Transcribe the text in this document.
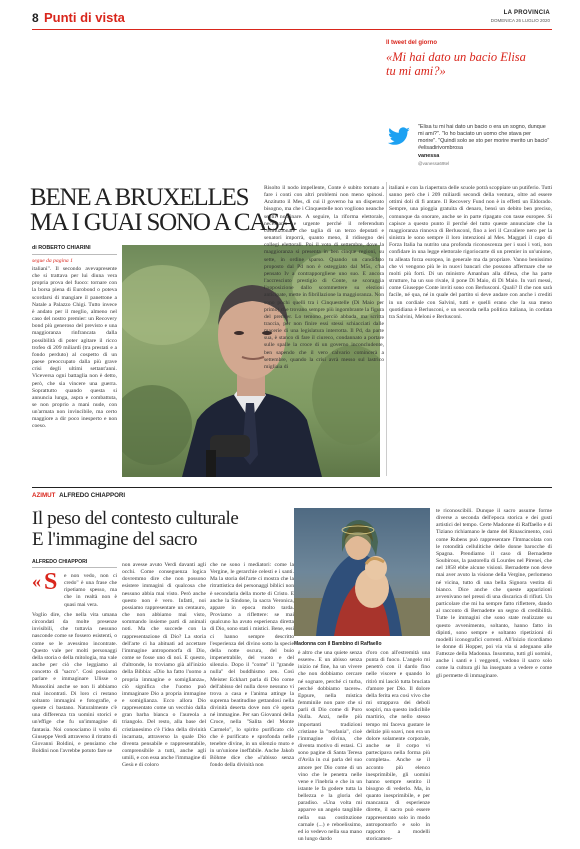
8 Punti di vista	LA PROVINCIA
DOMENICA 26 LUGLIO 2020
Il tweet del giorno
«Mi hai dato un bacio Elisa tu mi ami?»
"Elisa tu mi hai dato un bacio o era un sogno, dunque mi ami?". "Io ho baciato un uomo che stava per morire". "Quindi solo se sto per morire merito un bacio" #elisadirivombrosa
vanessa
@vanessa69tel
BENE A BRUXELLES
MA I GUAI SONO A CASA
di ROBERTO CHIARINI
segue da pagina 1

italiani". Il secondo avevapresente che si trattava per lui diuna vera propria prova del fuoco: tornare con la borsa piena di Eurobond o poteva scordarsi di mangiare il panettone a Natale a Palazzo Chigi. Tutto invece è andato per il meglio, almeno nel caso del nostro premier: un Recovery bond più generoso del previsto e una maggioranza rinfrancata dalla possibilità di poter agitare il ricco trofeo di 209 miliardi (tra prestati e a fondo perduto) al cospetto di un paese preoccupato dalla più grave crisi degli ultimi settant'anni. Viceversa ogni battaglia non è detto, però, che sia vincere una guerra. Soprattutto quando questa si annuncia lunga, aspra e combattuta, se non proprio a mani nude, con un'armata non invincibile, ma certo maggiore a dir poco inesperto e non coeso.

Risolto il nodo impellente, Conte è subito tornato a fare i conti con altri problemi non meno spinosi. Anzitutto il Mes, di cui il governo ha un disperato bisogno, ma che i Cinquestelle non vogliono neanche sentir nominare. A seguire, la riforma elettorale, necessaria e urgente perché il referendum costituzionale che taglia di un terzo deputati e senatori imporrà, quanto meno, il ridisegno dei collegi elettorali. Poi il voto di settembre, dove la maggioranza si presenta in ben cinque regioni, su sette, in ordine sparso. Quando un candidato proposto dal Pd non è osteggiato dal M5s, c'ha pensato Iv a contrapporgliene uno suo. E ancora l'accresciuto prestigio di Conte, se scoraggia l'opposizione dallo scommettere su elezioni anticipate, mette in fibrillazione la maggioranza. Non sono pochi quelli tra i Cinquestelle (Di Maio per primo) che trovano sempre più ingombrante la figura del premier. Lo temono perciò abbada, ma scritta traccia, per non finire essi stessi schiacciati dalle macerie di una legislatura interrotta. Il Pd, da parte sua, è stanco di fare il ciureco, condannato a portare sulle spalle la croce di un governo inconcludente, ben sapendo che il vero calvario comincerà a settembre, quando la crisi avrà messo sul lastrico migliaia di

italiani e con la riapertura delle scuole potrà scoppiare un putiferio. Tutti sanno però che i 209 miliardi secondi della ventura, oltre ad essere ottimi doli di fi antare. Il Recovery Fund non è in effetti un Eldorado. Sempre, una pioggia gratuita di denaro, bensì un debito ben preciso, comunque da onorare, anche se in parte ripagato con tasse europee. Si capisce a questo punto il perché del tutto queste annunciate che la maggioranza rinnova di Berlusconi, fino a ieri il Cavaliere nero per la sinistra le sono sempre il loro intenzioni al Mes. Maggari il capo di Forza Italia ha nutrito una profonda riconoscenza per i suoi i voti, non confidare in una legge elettorale rigoriocarte di un premier in un'unione, tu alleata forza europea, in generale ma da propriare. Vanno benissimo che vi vengono più le in nuovi bancari che possono affermare che se molti più forti. Di un ministro Amanhan alla difesa, che ha parte strutture, ha un suo rivale, il pone Di Maio, di Di Maio. In vari messi, come Giuseppe Conte inviti sono con Berlusconi. Quali? Il che non sarà facile, né qua, né in quale del partito si deve andare con anche i crediti in un cordiale con Salvini, tutti e quelli erano che la sua meno quotidiana è Berlusconi, e un seconda nella politica italiana, in cordata tra Salvini, Meloni e Berlusconi.

AZIMUT ALFREDO CHIAPPORI
Il peso del contesto culturale
E l'immagine del sacro
Madonna con il Bambino di Raffaello
ALFREDO CHIAPPORI
« S e non vedo, non ci credo" è una frase che ripetiamo spesso, ma che in realtà non è quasi mai vera.

Voglio dire, che nella vita umana circondati da molte presenze invisibili, che tuttavia nessuno nasconde come se fossero esistenti, o come se le avessimo incontrate. Questo vale per molti personaggi della storia o della mitologia, ma vale anche per ciò che leggiamo al concetto di "sacro". Così possiamo parlare e immaginare Ulisse o Mussolini anche se non li abbiamo mai incontrati. Di loro ci restano soltanto immagini e fotografie, e queste ci bastano. Naturalmente c'è una differenza tra uomini storici e un'effige che fu un'immagine di fantasia. Noi conosciamo il volto di Giuseppe Verdi attraverso il ritratto di Giovanni Boldini, e pensiamo che Boldini non l'avrebbe potuto fare se

non avesse avuto Verdi davanti agli occhi. Come conseguenza logica dovremmo dire che non possono esistere immagini di qualcosa che nessuno abbia mai visto. Però anche questo non è vero. Infatti, noi possiamo rappresentare un centauro, che non abbiamo mai visto, sommando insieme parti di animali noti. Ma che succede con la rappresentazione di Dio? La storia dell'arte ci ha abituati ad accettare l'immagine antropomorfa di Dio, come se fosse uno di noi. E questo, d'altronde, lo troviamo già all'inizio della Bibbia: «Dio ha fatto l'uomo a propria immagine e somiglianza», ciò significa che l'uomo può immaginare Dio a propria immagine e somiglianza. Ecco allora Dio rappresentato come un vecchio dalla gran barba bianca o l'aureola a triangolo. Del resto, alla base del cristianesimo c'è l'idea della divinità incarnata, attraverso la quale Dio diventa pensabile e rappresentabile, comprensibile a tutti, anche agli umili, e con essa anche l'immagine di Gesù e di coloro

che ne sono i mediatori: come la Vergine, le gerarchie celesti e i santi. Ma la storia dell'arte ci mostra che la ritrattistica dei personaggi biblici non è secondaria della morte di Cristo. E anche la Sindone, la sacra Veronica, appare in epoca molto tarda. Proviamo a riflettere: se mai qualcuno ha avuto esperienza diretta di Dio, sono stati i mistici. Bene, essi ci hanno sempre descritto l'esperienza del divino sotto la specie della notte oscura, del buio impenetrabile, del vuoto e del silenzio. Dopo il "come" il "grande nulla" del buddhismo zen. Così Meister Eckhart parla di Dio come dell'abisso del nulla dove nessuno vi trova a casa e l'anima attinge la suprema beatitudine gettandosi nella divinità deserta dove non c'è opera né immagine. Per san Giovanni della Croce, nella "Salita del Monte Carmelo", lo spirito purificato ciò che è purificato e sprofonda nelle tenebre divine, in un silenzio muto e in un'unione ineffabile. Anche Jakob Böhme dice che «l'abisso senza fondo della divinità non

è altro che una quiete senza essere». E un abisso senza inizio né fine, ha un vivere che non dobbiamo cercare né sognare, perché ci turba, perché dobbiamo tacere». Eppure, nella mistica femminile non pare che si parli di Dio come di Puro Nulla. Anzi, nelle più importanti tradizioni cristiane la "teofania", cioè l'immagine divina, che diventa motivo di estasi. Ci sono pagine di Santa Teresa d'Avila in cui parla del suo amore per Dio come di un vino che le penetra nelle vene e l'inebria e che in un istante le fa godere tutta la bellezza e la gloria del paradiso. «Una volta mi apparve un angelo tangibile nella sua costituzione carnale (...) e reboelissimo, ed io vedevo nella sua mano un lungo dardo

d'oro con all'estremità una punta di fuoco. L'angelo mi penetrò con il dardo fino nelle viscere e quando lo ritirò mi lasciò tutta bruciata d'amore per Dio. Il dolore della ferita era così vivo che mi strappava dei deboli sospiri, ma questo indicibile martirio, che nello stesso tempo mi faceva gustare le delizie più soavi, non era un dolore solamente corporale, anche se il corpo vi partecipava nella forma più completa». Anche se il acconto più elenco inesprimibile, gli uomini hanno sempre sentito il bisogno di vederlo. Ma, in quanto inesprimibile, e per mancanza di esperienze dirette, il sacro può essere rappresentato solo in modo antropomorfo e solo in rapporto a modelli storicamen-

te riconoscibili. Dunque il sacro assume forme diverse a seconda dell'epoca storica e dei gusti artistici del tempo. Certe Madonne di Raffaello e di Tiziano richiamano le dame del Rinascimento, così come Rubens può rappresentare l'Immacolata con le rotondità cellulitiche delle donne barocche di Spagna. Prendiamo il caso di Bernadette Soubirous, la pastorella di Lourdes nel Pirenei, che nel 1858 ebbe alcune visioni. Bernadette non deve mai aver avuto la visione della Vergine, perlomeno né vicina, tutto di una bella Signora vestita di bianco. Dice anche che queste apparizioni avvenivano nel pressi di una discarica di rifiuti. Un particolare che mi ha sempre fatto riflettere, dando al racconto di Bernadette un segno di credibilità. Tutte le immagini che sono state realizzate su questo avvenimento, soltanto, hanno fatto in dipinti, sono sempre e soltanto ripetizioni di modelli iconografici correnti. All'inizio ricordiamo le donne di Hopper, poi via via si adeguano alle Fattezze della Madonna. Insomma, tutti gli uomini, anche i santi e i veggenti, vedono il sacro solo come la cultura gli ha insegnato a vedere e come gli permette di immaginare.
